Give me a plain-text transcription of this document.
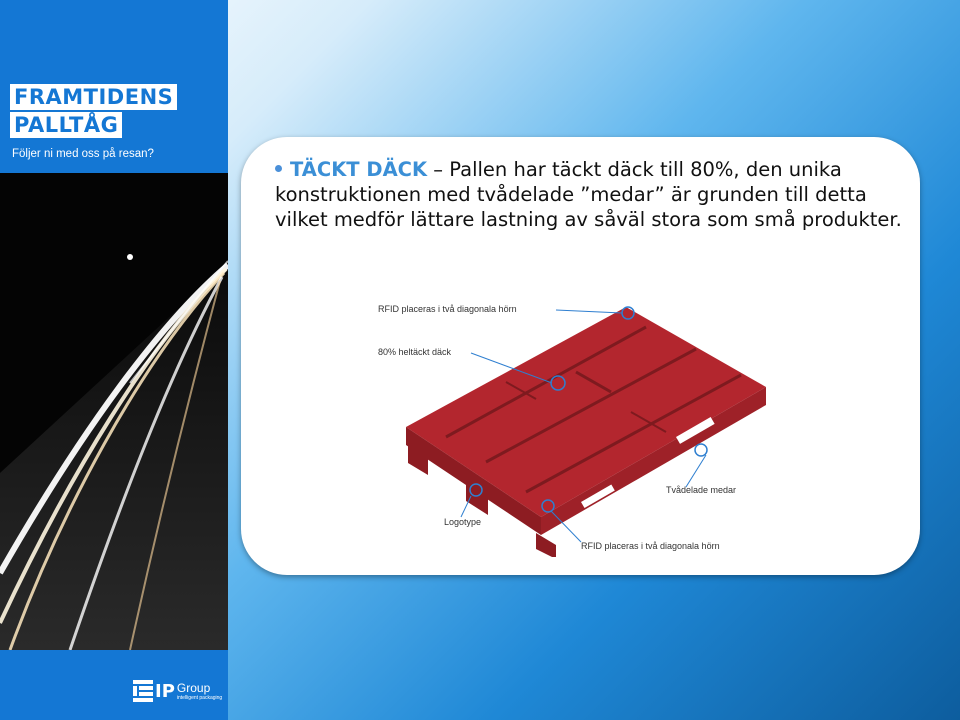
FRAMTIDENS
PALLTÅG
Följer ni med oss på resan?
IP Group
intelligent packaging
TÄCKT DÄCK – Pallen har täckt däck till 80%, den unika konstruktionen med tvådelade ”medar” är grunden till detta vilket medför lättare lastning av såväl stora som små produkter.
RFID placeras i två diagonala hörn
80% heltäckt däck
Tvådelade medar
Logotype
RFID placeras i två diagonala hörn
